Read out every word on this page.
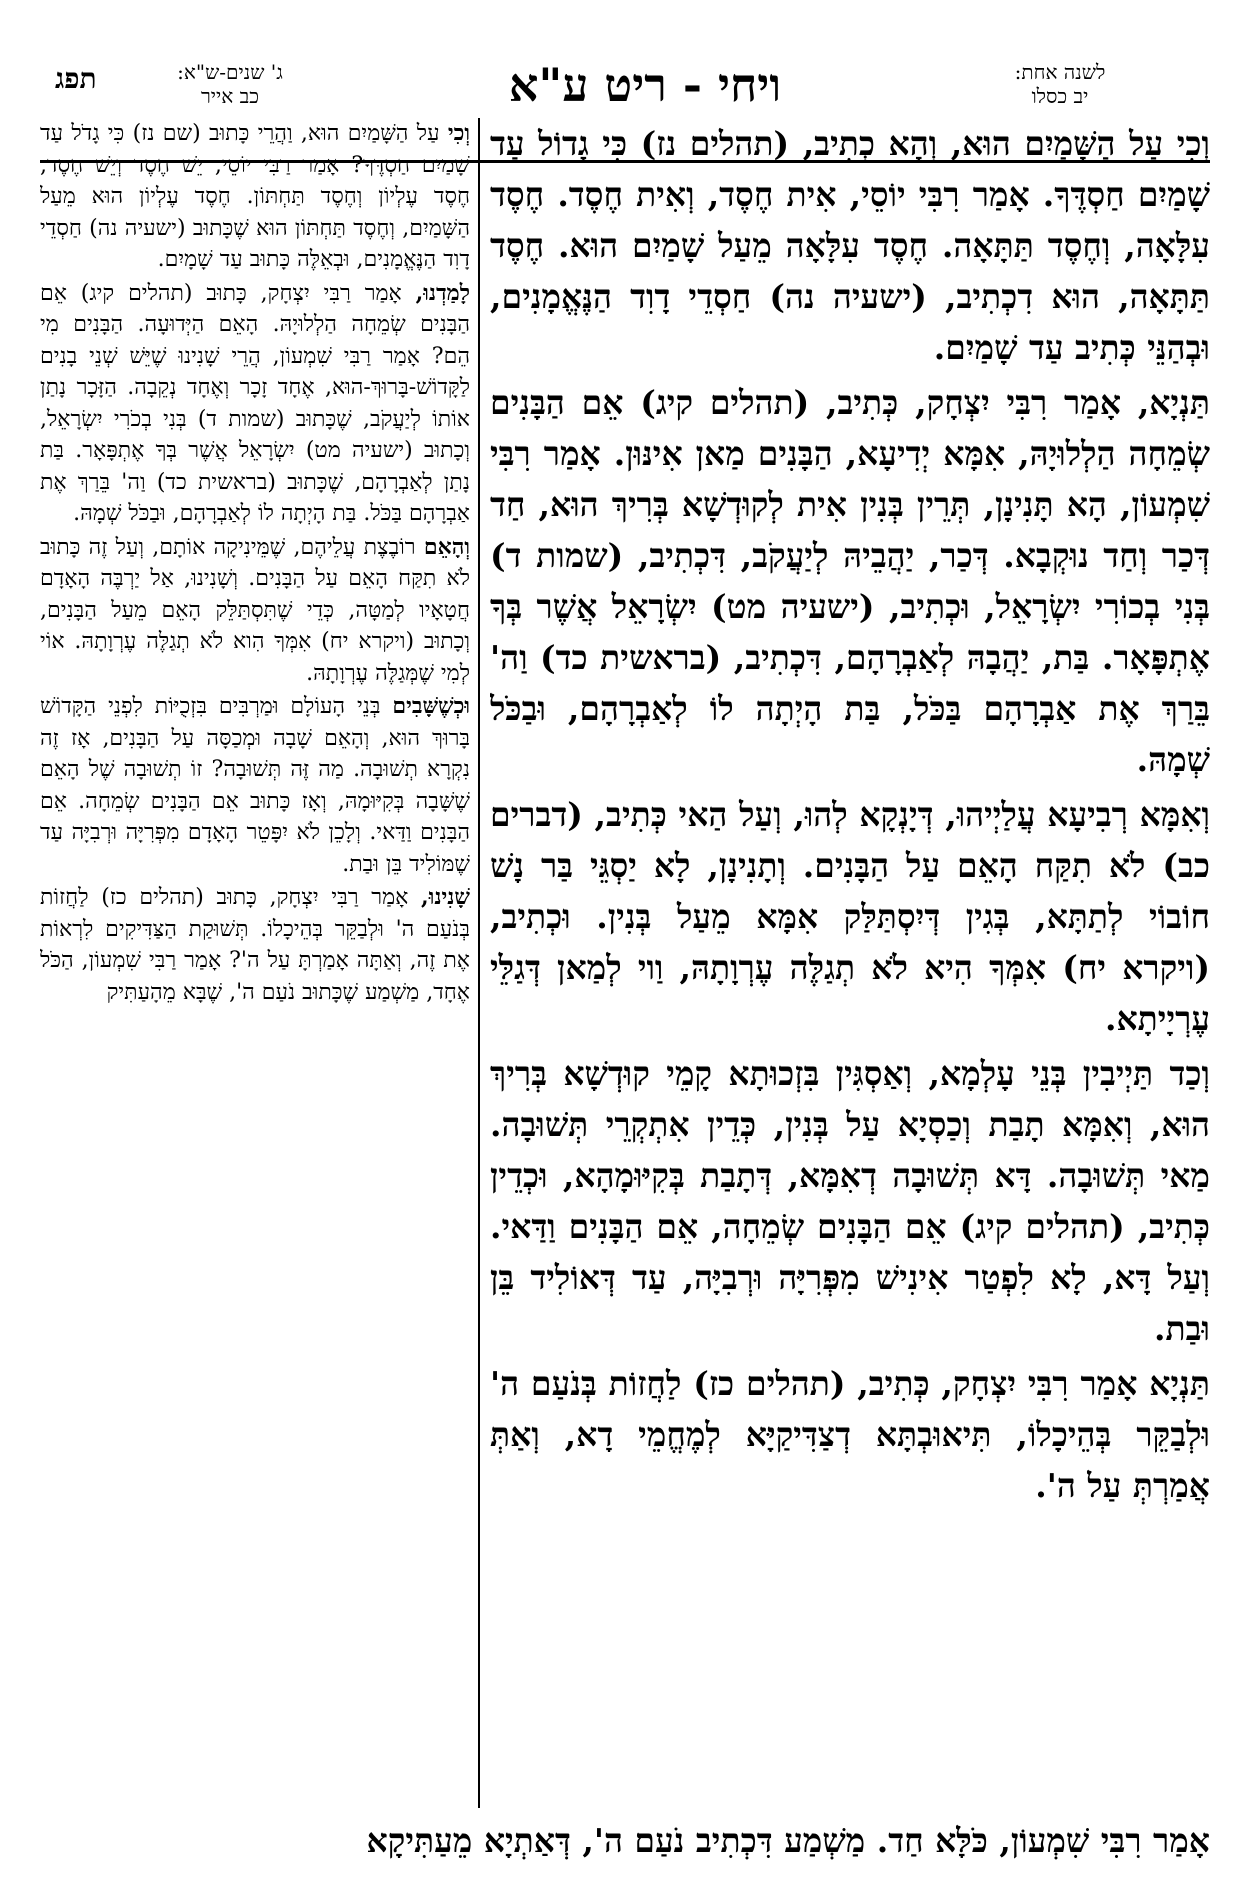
תפג	ג' שנים-ש"א:
כב אייר	ויחי - ריט ע"א	לשנה אחת:
יב כסלו

וְכִי עַל הַשָּׁמַיִם הוּא, וְהָא כְתִיב, (תהלים נז) כִּי גָדוֹל עַד שָׁמַיִם חַסְדֶּךָ. אָמַר רִבִּי יוֹסֵי, אִית חֶסֶד, וְאִית חֶסֶד. חֶסֶד עִלָּאָה, וְחֶסֶד תַּתָּאָה. חֶסֶד עִלָּאָה מֵעַל שָׁמַיִם הוּא. חֶסֶד תַּתָּאָה, הוּא דִכְתִיב, (ישעיה נה) חַסְדֵי דָוִד הַנֶּאֱמָנִים, וּבְהַנֵּי כְּתִיב עַד שָׁמַיִם.

תַּנְיָא, אָמַר רִבִּי יִצְחָק, כְּתִיב, (תהלים קיג) אֵם הַבָּנִים שְׂמֵחָה הַלְלוּיָהּ, אִמָּא יְדִיעָא, הַבָּנִים מַאן אִינּוּן. אָמַר רִבִּי שִׁמְעוֹן, הָא תָּנִינָן, תְּרֵין בְּנִין אִית לְקוּדְשָׁא בְּרִיךְ הוּא, חַד דְּכַר וְחַד נוּקְבָא. דְּכַר, יַהֲבֵיהּ לְיַעֲקֹב, דִּכְתִיב, (שמות ד) בְּנִי בְכוֹרִי יִשְׂרָאֵל, וּכְתִיב, (ישעיה מט) יִשְׂרָאֵל אֲשֶׁר בְּךָ אֶתְפָּאָר. בַּת, יַהֲבָהּ לְאַבְרָהָם, דִּכְתִיב, (בראשית כד) וַה' בֵּרַךְ אֶת אַבְרָהָם בַּכֹּל, בַּת הָיְתָה לוֹ לְאַבְרָהָם, וּבַכֹּל שְׁמָהּ.

וְאִמָּא רְבִיעָא עֲלַיְיהוּ, דְּיָנְקָא לְהוּ, וְעַל הַאי כְּתִיב, (דברים כב) לֹא תִקַּח הָאֵם עַל הַבָּנִים. וְתָנִינָן, לָא יַסְגֵּי בַּר נָשׁ חוֹבוֹי לְתַתָּא, בְּגִין דְּיִסְתַּלַּק אִמָּא מֵעַל בְּנִין. וּכְתִיב, (ויקרא יח) אִמְּךָ הִיא לֹא תְגַלֶּה עֶרְוָתָהּ, וַוי לְמַאן דְּגַלֵּי עֶרְיָיתָא.

וְכַד תַּיְיבִין בְּנֵי עָלְמָא, וְאַסְגִּין בִּזְכוּתָא קָמֵי קוּדְשָׁא בְּרִיךְ הוּא, וְאִמָּא תָבַת וְכַסְיָא עַל בְּנִין, כְּדֵין אִתְקְרֵי תְּשׁוּבָה. מַאי תְּשׁוּבָה. דָּא תְּשׁוּבָה דְאִמָּא, דְּתָבַת בְּקִיּוּמָהָא, וּכְדֵין כְּתִיב, (תהלים קיג) אֵם הַבָּנִים שְׂמֵחָה, אֵם הַבָּנִים וַדַּאי. וְעַל דָּא, לָא לִפְטַר אִינִישׁ מִפְּרִיָּה וּרְבִיָּה, עַד דְּאוֹלִיד בֵּן וּבַת.

תַּנְיָא אָמַר רִבִּי יִצְחָק, כְּתִיב, (תהלים כז) לַחֲזוֹת בְּנֹעַם ה' וּלְבַקֵּר בְּהֵיכָלוֹ, תִּיאוּבְתָּא דְצַדִּיקַיָּא לְמֶחֱמֵי דָא, וְאַתְּ אֲמַרְתְּ עַל ה'.

וְכִי עַל הַשָּׁמַיִם הוּא, וַהֲרֵי כָּתוּב (שם נז) כִּי גָדֹל עַד שָׁמַיִם חַסְדֶּךָ? אָמַר רַבִּי יוֹסֵי, יֵשׁ חֶסֶד וְיֵשׁ חֶסֶד, חֶסֶד עֶלְיוֹן וְחֶסֶד תַּחְתּוֹן. חֶסֶד עֶלְיוֹן הוּא מֵעַל הַשָּׁמַיִם, וְחֶסֶד תַּחְתּוֹן הוּא שֶׁכָּתוּב (ישעיה נה) חַסְדֵי דָוִד הַנֶּאֱמָנִים, וּבְאֵלֶּה כָּתוּב עַד שָׁמָיִם.

לָמַדְנוּ, אָמַר רַבִּי יִצְחָק, כָּתוּב (תהלים קיג) אֵם הַבָּנִים שְׂמֵחָה הַלְלוּיָהּ. הָאֵם הַיְּדוּעָה. הַבָּנִים מִי הֵם? אָמַר רַבִּי שִׁמְעוֹן, הֲרֵי שָׁנִינוּ שֶׁיֵּשׁ שְׁנֵי בָנִים לַקָּדוֹשׁ-בָּרוּךְ-הוּא, אֶחָד זָכָר וְאֶחָד נְקֵבָה. הַזָּכָר נָתַן אוֹתוֹ לְיַעֲקֹב, שֶׁכָּתוּב (שמות ד) בְּנִי בְכֹרִי יִשְׂרָאֵל, וְכָתוּב (ישעיה מט) יִשְׂרָאֵל אֲשֶׁר בְּךָ אֶתְפָּאָר. בַּת נָתַן לְאַבְרָהָם, שֶׁכָּתוּב (בראשית כד) וַה' בֵּרַךְ אֶת אַבְרָהָם בַּכֹּל. בַּת הָיְתָה לוֹ לְאַבְרָהָם, וּבַכֹּל שְׁמָהּ.

וְהָאֵם רוֹבֶצֶת עֲלֵיהֶם, שֶׁמֵּינִיקָה אוֹתָם, וְעַל זֶה כָּתוּב לֹא תִקַּח הָאֵם עַל הַבָּנִים. וְשָׁנִינוּ, אַל יַרְבֶּה הָאָדָם חֲטָאָיו לְמַטָּה, כְּדֵי שֶׁתִּסְתַּלֵּק הָאֵם מֵעַל הַבָּנִים, וְכָתוּב (ויקרא יח) אִמְּךָ הִוא לֹא תְגַלֶּה עֶרְוָתָהּ. אוֹי לְמִי שֶׁמְּגַלֶּה עֶרְוָתָהּ.

וּכְשֶׁשָּׁבִים בְּנֵי הָעוֹלָם וּמַרְבִּים בִּזְכֻיּוֹת לִפְנֵי הַקָּדוֹשׁ בָּרוּךְ הוּא, וְהָאֵם שָׁבָה וּמְכַסָּה עַל הַבָּנִים, אָז זֶה נִקְרָא תְשׁוּבָה. מַה זֶּה תְּשׁוּבָה? זוֹ תְשׁוּבָה שֶׁל הָאֵם שֶׁשָּׁבָה בְּקִיּוּמָהּ, וְאָז כָּתוּב אֵם הַבָּנִים שְׂמֵחָה. אֵם הַבָּנִים וַדַּאי. וְלָכֵן לֹא יִפָּטֵר הָאָדָם מִפְּרִיָּה וּרְבִיָּה עַד שֶׁמּוֹלִיד בֵּן וּבַת.

שָׁנִינוּ, אָמַר רַבִּי יִצְחָק, כָּתוּב (תהלים כז) לַחֲזוֹת בְּנֹעַם ה' וּלְבַקֵּר בְּהֵיכָלוֹ. תְּשׁוּקַת הַצַּדִּיקִים לִרְאוֹת אֶת זֶה, וְאַתָּה אָמַרְתָּ עַל ה'? אָמַר רַבִּי שִׁמְעוֹן, הַכֹּל אֶחָד, מַשְׁמַע שֶׁכָּתוּב נֹעַם ה', שֶׁבָּא מֵהָעַתִּיק

אָמַר רִבִּי שִׁמְעוֹן, כֹּלָּא חַד. מַשְׁמַע דִּכְתִיב נֹעַם ה', דְּאַתְיָא מֵעַתִּיקָא
